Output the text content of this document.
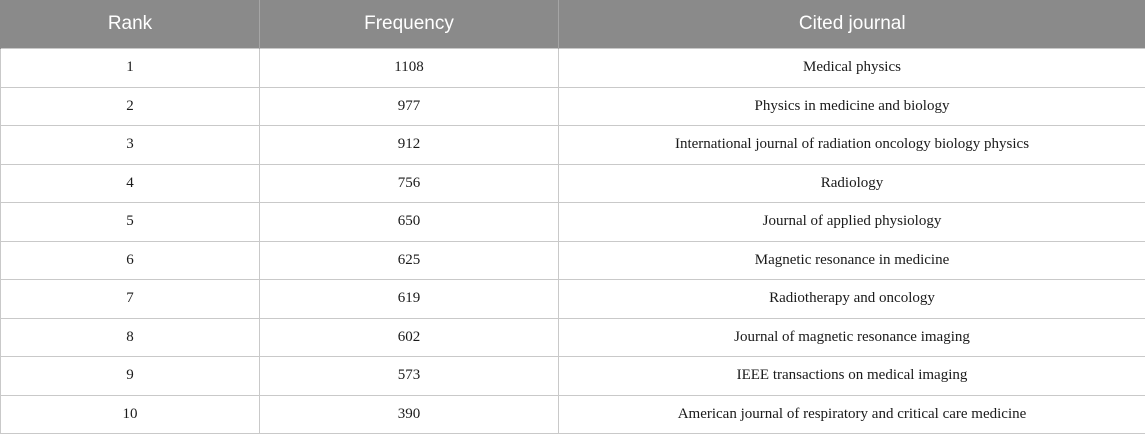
Rank	Frequency	Cited journal
1	1108	Medical physics
2	977	Physics in medicine and biology
3	912	International journal of radiation oncology biology physics
4	756	Radiology
5	650	Journal of applied physiology
6	625	Magnetic resonance in medicine
7	619	Radiotherapy and oncology
8	602	Journal of magnetic resonance imaging
9	573	IEEE transactions on medical imaging
10	390	American journal of respiratory and critical care medicine
